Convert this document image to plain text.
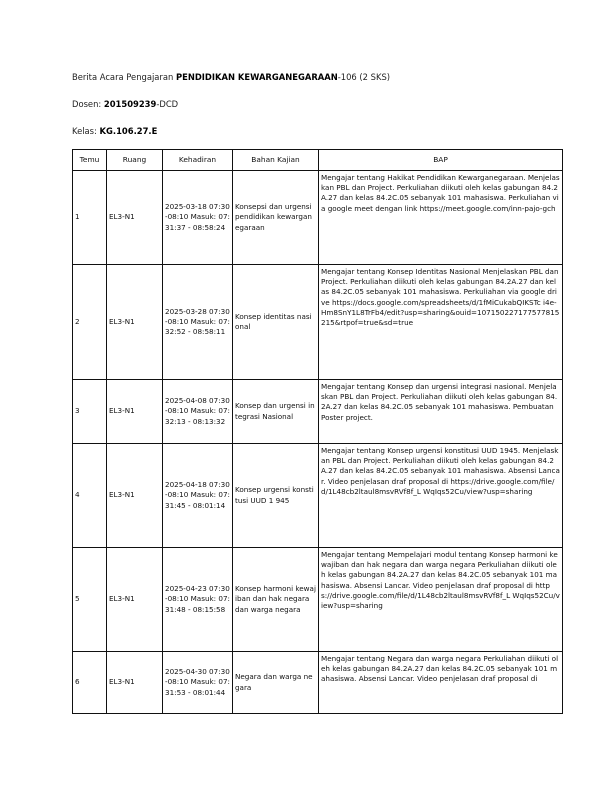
Berita Acara Pengajaran PENDIDIKAN KEWARGANEGARAAN-106 (2 SKS)
Dosen: 201509239-DCD
Kelas: KG.106.27.E
Temu	Ruang	Kehadiran	Bahan Kajian	BAP
1	EL3-N1	2025-03-18 07:30-08:10 Masuk: 07:31:37 - 08:58:24	Konsepsi dan urgensi pendidikan kewarganegaraan	Mengajar tentang Hakikat Pendidikan Kewarganegaraan. Menjelaskan PBL dan Project. Perkuliahan diikuti oleh kelas gabungan 84.2A.27 dan kelas 84.2C.05 sebanyak 101 mahasiswa. Perkuliahan via google meet dengan link https://meet.google.com/inn-pajo-gch
2	EL3-N1	2025-03-28 07:30-08:10 Masuk: 07:32:52 - 08:58:11	Konsep identitas nasional	Mengajar tentang Konsep Identitas Nasional Menjelaskan PBL dan Project. Perkuliahan diikuti oleh kelas gabungan 84.2A.27 dan kelas 84.2C.05 sebanyak 101 mahasiswa. Perkuliahan via google drive https://docs.google.com/spreadsheets/d/1fMiCukabQIKSTc i4e-Hm8SnY1L8TrFb4/edit?usp=sharing&ouid=107150227177577815215&rtpof=true&sd=true
3	EL3-N1	2025-04-08 07:30-08:10 Masuk: 07:32:13 - 08:13:32	Konsep dan urgensi integrasi Nasional	Mengajar tentang Konsep dan urgensi integrasi nasional. Menjelaskan PBL dan Project. Perkuliahan diikuti oleh kelas gabungan 84.2A.27 dan kelas 84.2C.05 sebanyak 101 mahasiswa. Pembuatan Poster project.
4	EL3-N1	2025-04-18 07:30-08:10 Masuk: 07:31:45 - 08:01:14	Konsep urgensi konstitusi UUD 1 945	Mengajar tentang Konsep urgensi konstitusi UUD 1945. Menjelaskan PBL dan Project. Perkuliahan diikuti oleh kelas gabungan 84.2A.27 dan kelas 84.2C.05 sebanyak 101 mahasiswa. Absensi Lancar. Video penjelasan draf proposal di https://drive.google.com/file/d/1L48cb2ltaul8msvRVf8f_L WqIqs52Cu/view?usp=sharing
5	EL3-N1	2025-04-23 07:30-08:10 Masuk: 07:31:48 - 08:15:58	Konsep harmoni kewajiban dan hak negara dan warga negara	Mengajar tentang Mempelajari modul tentang Konsep harmoni kewajiban dan hak negara dan warga negara Perkuliahan diikuti oleh kelas gabungan 84.2A.27 dan kelas 84.2C.05 sebanyak 101 mahasiswa. Absensi Lancar. Video penjelasan draf proposal di https://drive.google.com/file/d/1L48cb2ltaul8msvRVf8f_L WqIqs52Cu/view?usp=sharing
6	EL3-N1	2025-04-30 07:30-08:10 Masuk: 07:31:53 - 08:01:44	Negara dan warga negara	Mengajar tentang Negara dan warga negara Perkuliahan diikuti oleh kelas gabungan 84.2A.27 dan kelas 84.2C.05 sebanyak 101 mahasiswa. Absensi Lancar. Video penjelasan draf proposal di
